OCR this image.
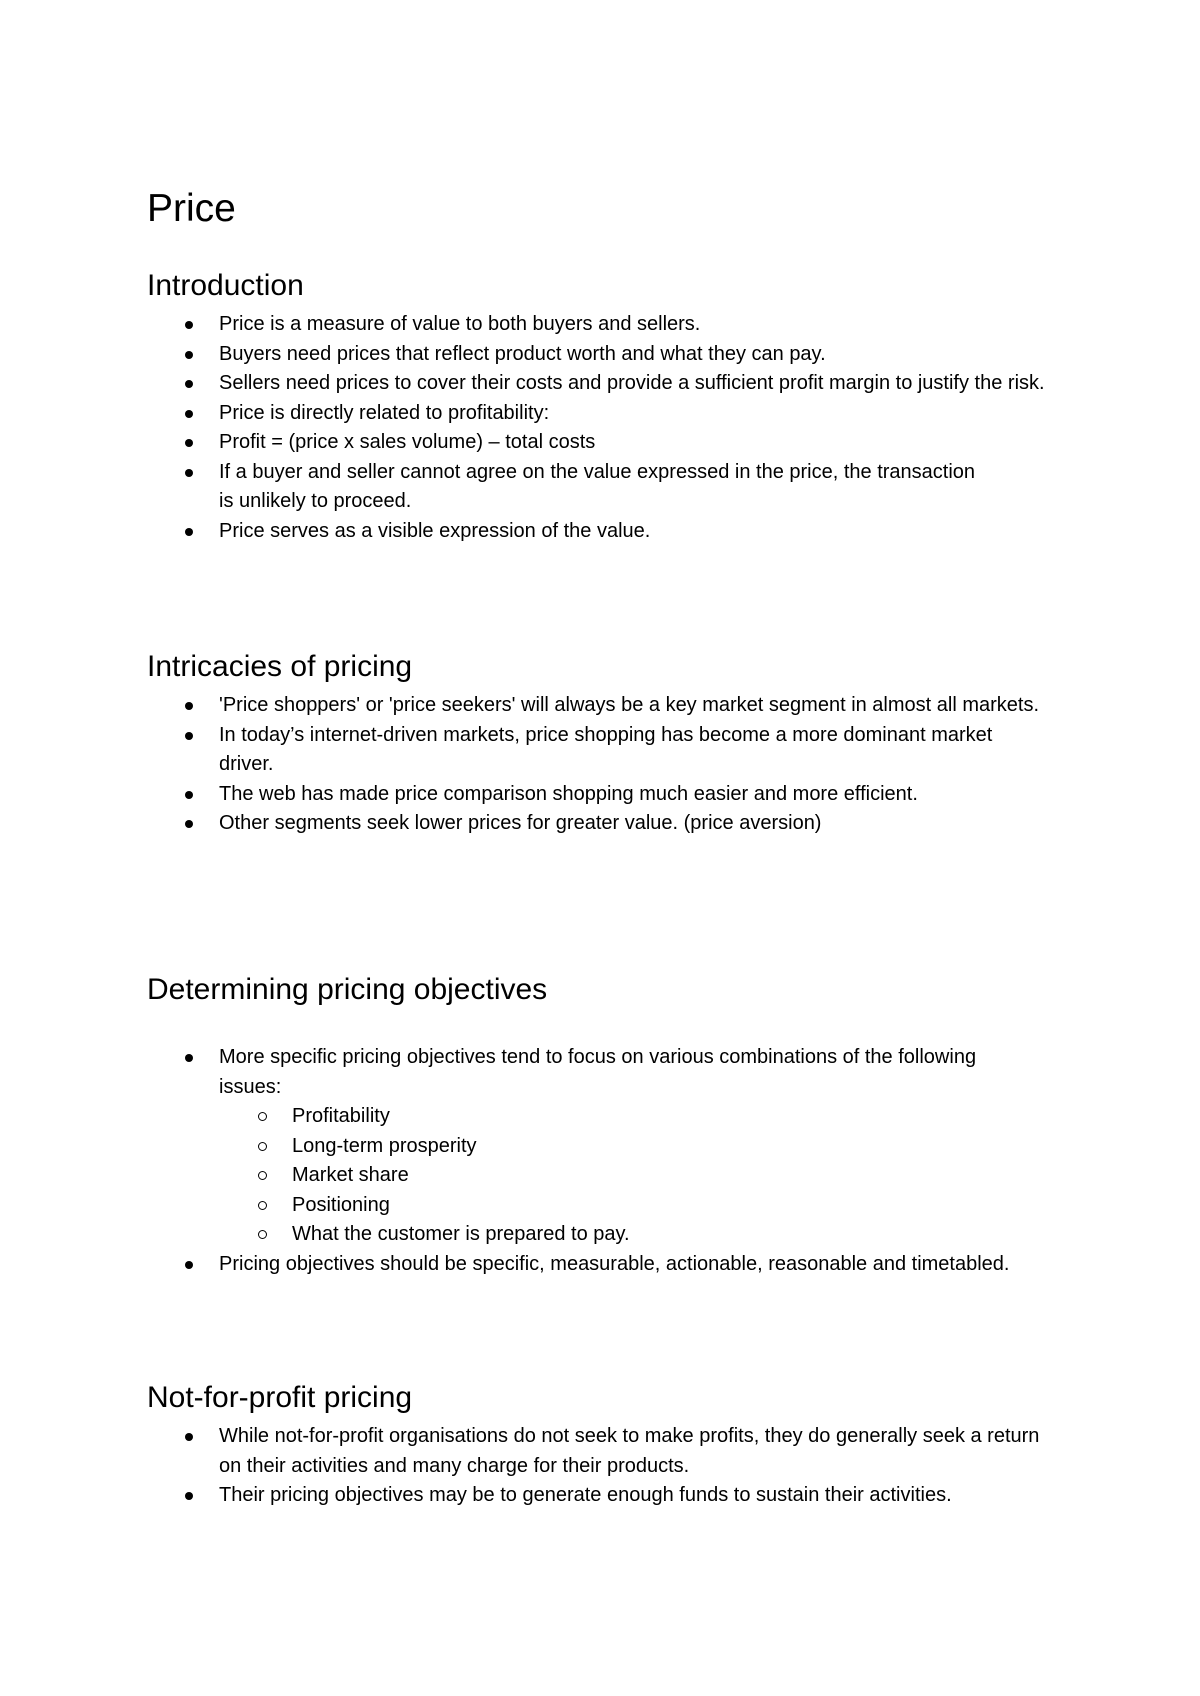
Price
Introduction
Price is a measure of value to both buyers and sellers.
Buyers need prices that reflect product worth and what they can pay.
Sellers need prices to cover their costs and provide a sufficient profit margin to justify the risk.
Price is directly related to profitability:
Profit = (price x sales volume) – total costs
If a buyer and seller cannot agree on the value expressed in the price, the transaction is unlikely to proceed.
Price serves as a visible expression of the value.
Intricacies of pricing
'Price shoppers' or 'price seekers' will always be a key market segment in almost all markets.
In today’s internet-driven markets, price shopping has become a more dominant market driver.
The web has made price comparison shopping much easier and more efficient.
Other segments seek lower prices for greater value. (price aversion)
Determining pricing objectives
More specific pricing objectives tend to focus on various combinations of the following issues:
Profitability
Long-term prosperity
Market share
Positioning
What the customer is prepared to pay.
Pricing objectives should be specific, measurable, actionable, reasonable and timetabled.
Not-for-profit pricing
While not-for-profit organisations do not seek to make profits, they do generally seek a return on their activities and many charge for their products.
Their pricing objectives may be to generate enough funds to sustain their activities.
